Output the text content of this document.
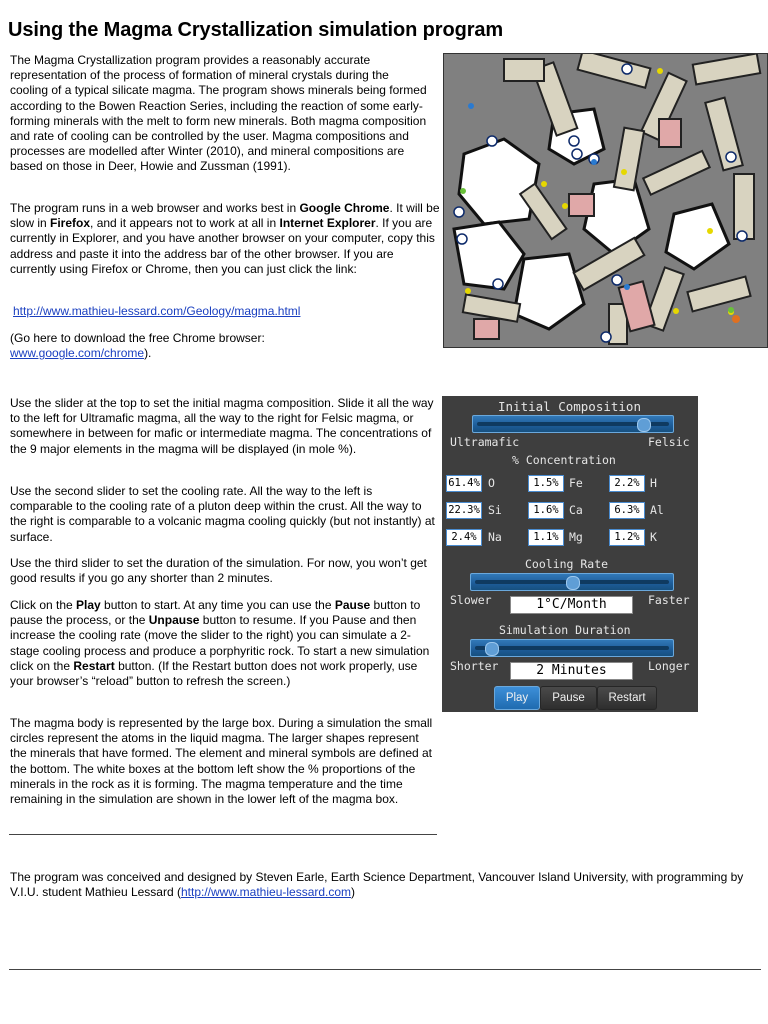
Using the Magma Crystallization simulation program

The Magma Crystallization program provides a reasonably accurate representation of the process of formation of mineral crystals during the cooling of a typical silicate magma. The program shows minerals being formed according to the Bowen Reaction Series, including the reaction of some early-forming minerals with the melt to form new minerals. Both magma composition and rate of cooling can be controlled by the user. Magma compositions and processes are modelled after Winter (2010), and mineral compositions are based on those in Deer, Howie and Zussman (1991).

The program runs in a web browser and works best in Google Chrome. It will be slow in Firefox, and it appears not to work at all in Internet Explorer. If you are currently in Explorer, and you have another browser on your computer, copy this address and paste it into the address bar of the other browser. If you are currently using Firefox or Chrome, then you can just click the link:

http://www.mathieu-lessard.com/Geology/magma.html

(Go here to download the free Chrome browser:
www.google.com/chrome).

Use the slider at the top to set the initial magma composition. Slide it all the way to the left for Ultramafic magma, all the way to the right for Felsic magma, or somewhere in between for mafic or intermediate magma. The concentrations of the 9 major elements in the magma will be displayed (in mole %).

Use the second slider to set the cooling rate. All the way to the left is comparable to the cooling rate of a pluton deep within the crust. All the way to the right is comparable to a volcanic magma cooling quickly (but not instantly) at surface.

Use the third slider to set the duration of the simulation. For now, you won’t get good results if you go any shorter than 2 minutes.

Click on the Play button to start. At any time you can use the Pause button to pause the process, or the Unpause button to resume. If you Pause and then increase the cooling rate (move the slider to the right) you can simulate a 2-stage cooling process and produce a porphyritic rock. To start a new simulation click on the Restart button. (If the Restart button does not work properly, use your browser’s “reload” button to refresh the screen.)

The magma body is represented by the large box. During a simulation the small circles represent the atoms in the liquid magma. The larger shapes represent the minerals that have formed. The element and mineral symbols are defined at the bottom. The white boxes at the bottom left show the % proportions of the minerals in the rock as it is forming. The magma temperature and the time remaining in the simulation are shown in the lower left of the magma box.

The program was conceived and designed by Steven Earle, Earth Science Department, Vancouver Island University, with programming by V.I.U. student Mathieu Lessard (http://www.mathieu-lessard.com)

Initial Composition
Ultramafic	Felsic
% Concentration
61.4% O	1.5% Fe	2.2% H
22.3% Si	1.6% Ca	6.3% Al
2.4% Na	1.1% Mg	1.2% K
Cooling Rate
Slower	Faster
1°C/Month
Simulation Duration
Shorter	Longer
2 Minutes
Play	Pause	Restart
